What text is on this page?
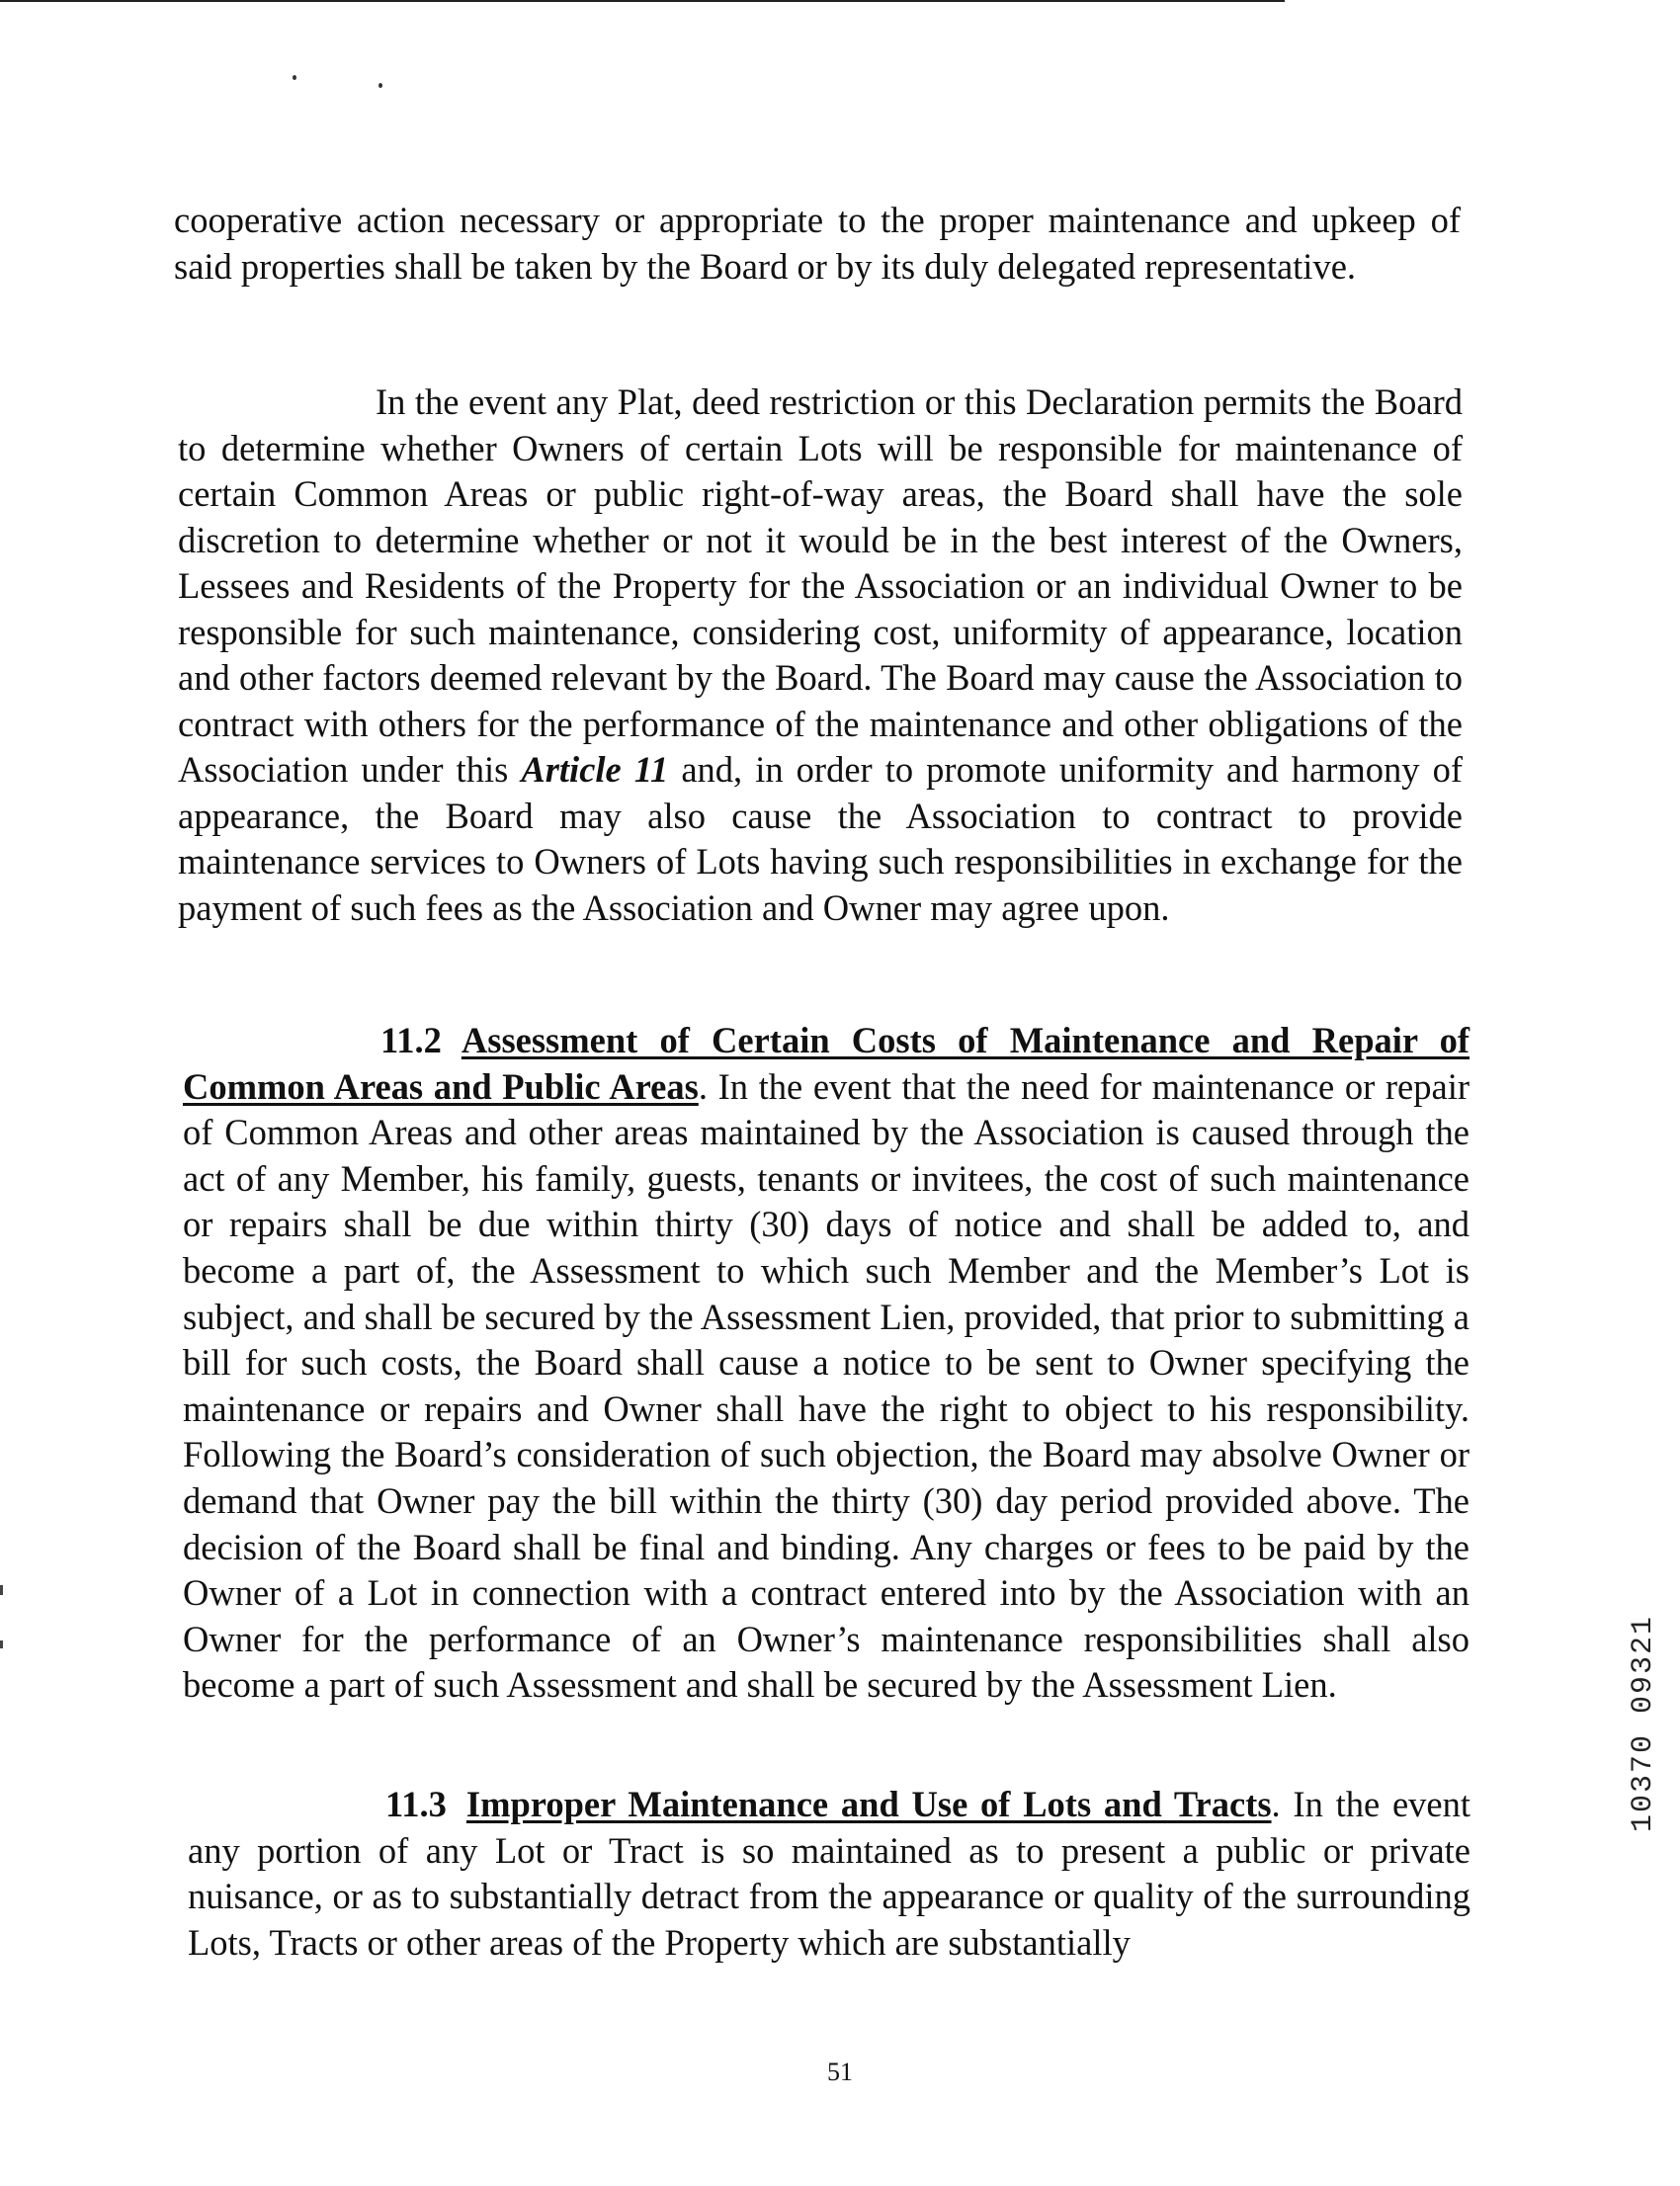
cooperative action necessary or appropriate to the proper maintenance and upkeep of said properties shall be taken by the Board or by its duly delegated representative.

In the event any Plat, deed restriction or this Declaration permits the Board to determine whether Owners of certain Lots will be responsible for maintenance of certain Common Areas or public right-of-way areas, the Board shall have the sole discretion to determine whether or not it would be in the best interest of the Owners, Lessees and Residents of the Property for the Association or an individual Owner to be responsible for such maintenance, considering cost, uniformity of appearance, location and other factors deemed relevant by the Board. The Board may cause the Association to contract with others for the performance of the maintenance and other obligations of the Association under this Article 11 and, in order to promote uniformity and harmony of appearance, the Board may also cause the Association to contract to provide maintenance services to Owners of Lots having such responsibilities in exchange for the payment of such fees as the Association and Owner may agree upon.

11.2 Assessment of Certain Costs of Maintenance and Repair of Common Areas and Public Areas. In the event that the need for maintenance or repair of Common Areas and other areas maintained by the Association is caused through the act of any Member, his family, guests, tenants or invitees, the cost of such maintenance or repairs shall be due within thirty (30) days of notice and shall be added to, and become a part of, the Assessment to which such Member and the Member’s Lot is subject, and shall be secured by the Assessment Lien, provided, that prior to submitting a bill for such costs, the Board shall cause a notice to be sent to Owner specifying the maintenance or repairs and Owner shall have the right to object to his responsibility. Following the Board’s consideration of such objection, the Board may absolve Owner or demand that Owner pay the bill within the thirty (30) day period provided above. The decision of the Board shall be final and binding. Any charges or fees to be paid by the Owner of a Lot in connection with a contract entered into by the Association with an Owner for the performance of an Owner’s maintenance responsibilities shall also become a part of such Assessment and shall be secured by the Assessment Lien.

11.3 Improper Maintenance and Use of Lots and Tracts. In the event any portion of any Lot or Tract is so maintained as to present a public or private nuisance, or as to substantially detract from the appearance or quality of the surrounding Lots, Tracts or other areas of the Property which are substantially

51
10370 09321
